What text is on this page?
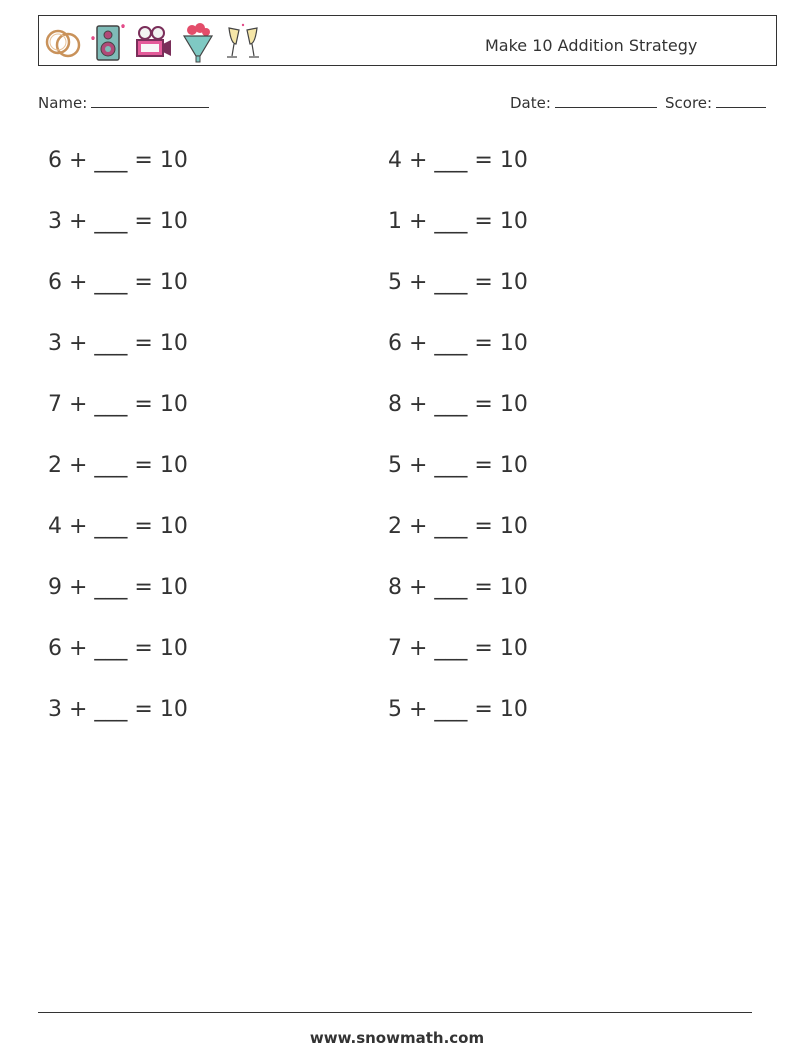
Make 10 Addition Strategy
Name:	Date:	Score:
6 + ___ = 10
3 + ___ = 10
6 + ___ = 10
3 + ___ = 10
7 + ___ = 10
2 + ___ = 10
4 + ___ = 10
9 + ___ = 10
6 + ___ = 10
3 + ___ = 10
4 + ___ = 10
1 + ___ = 10
5 + ___ = 10
6 + ___ = 10
8 + ___ = 10
5 + ___ = 10
2 + ___ = 10
8 + ___ = 10
7 + ___ = 10
5 + ___ = 10
www.snowmath.com
